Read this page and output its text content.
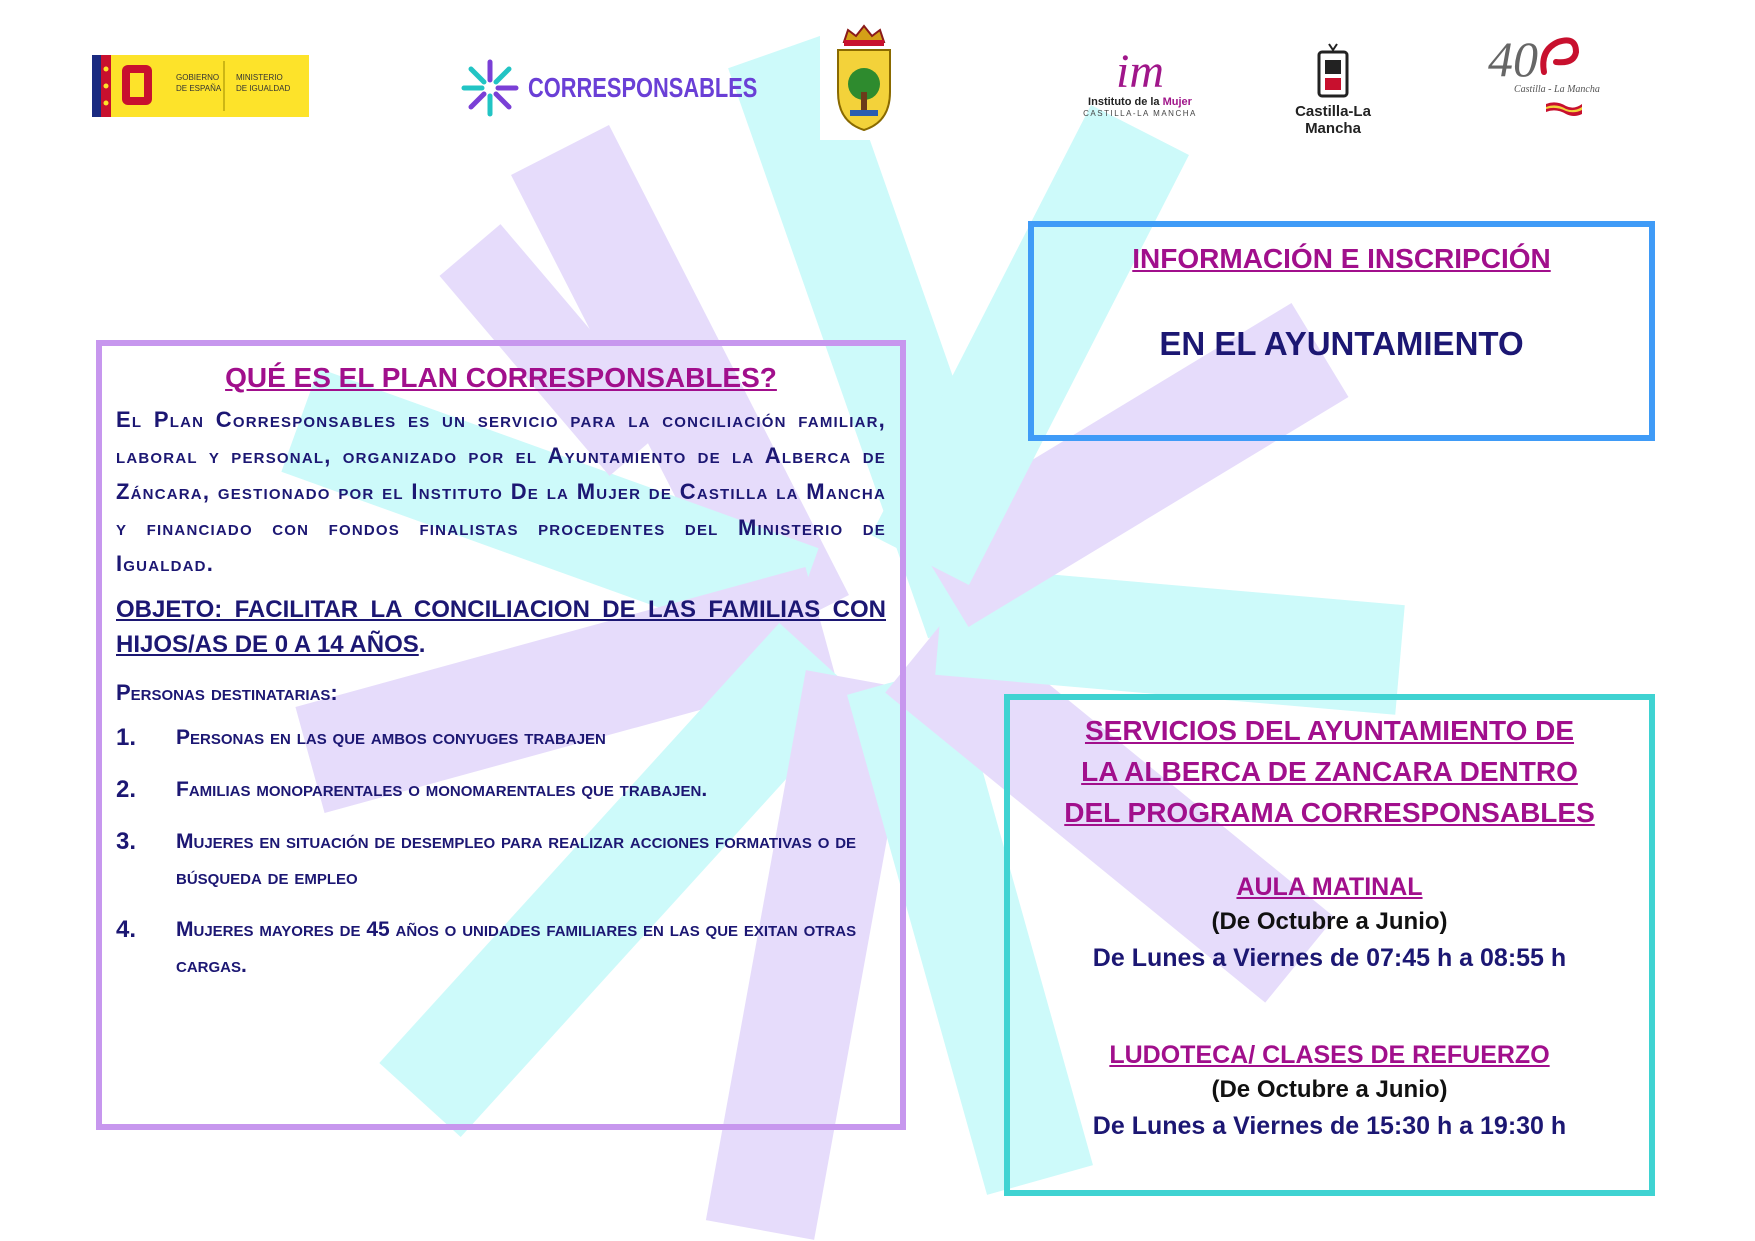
GOBIERNO
DE ESPAÑA
MINISTERIO
DE IGUALDAD	CORRESPONSABLES	im
Instituto de la Mujer
CASTILLA-LA MANCHA	Castilla-La Mancha
40
Castilla - La Mancha
QUÉ ES EL PLAN CORRESPONSABLES?

El Plan Corresponsables es un servicio para la conciliación familiar, laboral y personal, organizado por el Ayuntamiento de la Alberca de Záncara, gestionado por el Instituto De la Mujer de Castilla la Mancha y financiado con fondos finalistas procedentes del Ministerio de Igualdad.

OBJETO: FACILITAR LA CONCILIACION DE LAS FAMILIAS CON HIJOS/AS DE 0 A 14 AÑOS.

Personas destinatarias:
1.	Personas en las que ambos conyuges trabajen
2.	Familias monoparentales o monomarentales que trabajen.
3.	Mujeres en situación de desempleo para realizar acciones formativas o de búsqueda de empleo
4.	Mujeres mayores de 45 años o unidades familiares en las que exitan otras cargas.
INFORMACIÓN E INSCRIPCIÓN
EN EL AYUNTAMIENTO
SERVICIOS DEL AYUNTAMIENTO DE
LA ALBERCA DE ZANCARA DENTRO
DEL PROGRAMA CORRESPONSABLES
AULA MATINAL
(De Octubre a Junio)
De Lunes a Viernes de 07:45 h a 08:55 h
LUDOTECA/ CLASES DE REFUERZO
(De Octubre a Junio)
De Lunes a Viernes de 15:30 h a 19:30 h
